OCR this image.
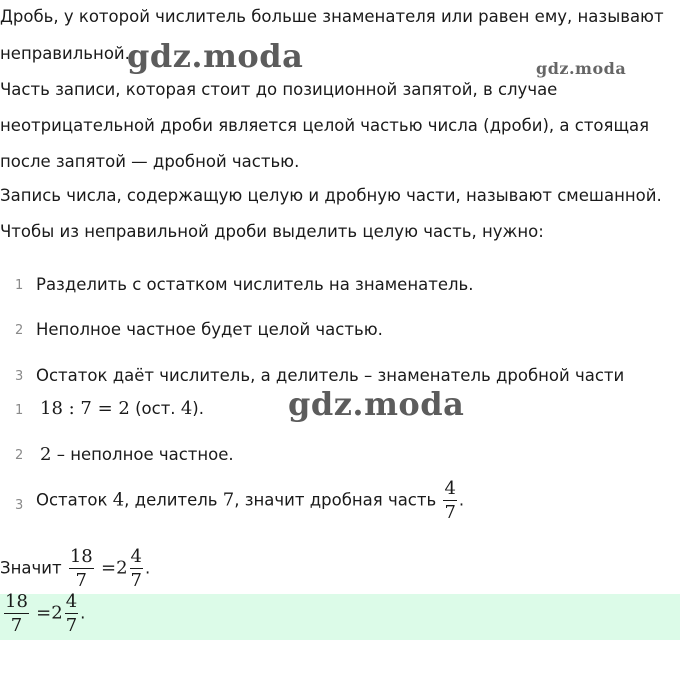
Дробь, у которой числитель больше знаменателя или равен ему, называют
неправильной.
Часть записи, которая стоит до позиционной запятой, в случае
неотрицательной дроби является целой частью числа (дроби), а стоящая
после запятой — дробной частью.
Запись числа, содержащую целую и дробную части, называют смешанной.
Чтобы из неправильной дроби выделить целую часть, нужно:
1 Разделить с остатком числитель на знаменатель.
2 Неполное частное будет целой частью.
3 Остаток даёт числитель, а делитель – знаменатель дробной части
1 18 : 7 = 2 (ост. 4).
2 2 – неполное частное.
3 Остаток 4, делитель 7, значит дробная часть $\frac{4}{7}$ .
Значит $\frac{18}{7} =2 \frac{4}{7}$ .
$\frac{18}{7} =2 \frac{4}{7}$ .
gdz.moda	gdz.moda
gdz.moda
